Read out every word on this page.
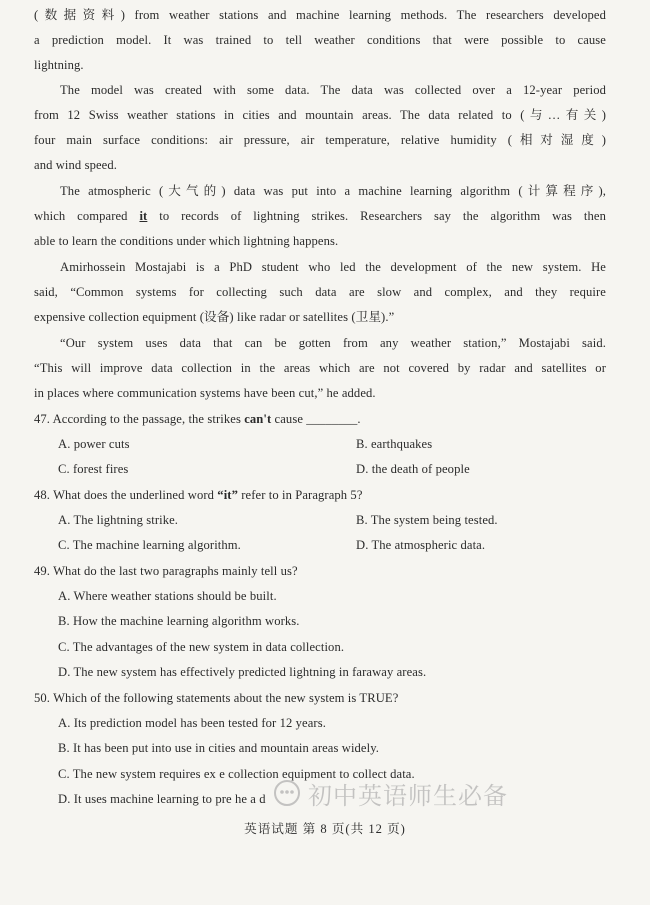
(数据资料) from weather stations and machine learning methods. The researchers developed
a prediction model. It was trained to tell weather conditions that were possible to cause
lightning.
The model was created with some data. The data was collected over a 12-year period
from 12 Swiss weather stations in cities and mountain areas. The data related to (与…有关)
four main surface conditions: air pressure, air temperature, relative humidity (相对湿度)
and wind speed.
The atmospheric (大气的) data was put into a machine learning algorithm (计算程序),
which compared it to records of lightning strikes. Researchers say the algorithm was then
able to learn the conditions under which lightning happens.
Amirhossein Mostajabi is a PhD student who led the development of the new system. He
said, “Common systems for collecting such data are slow and complex, and they require
expensive collection equipment (设备) like radar or satellites (卫星).”
“Our system uses data that can be gotten from any weather station,” Mostajabi said.
“This will improve data collection in the areas which are not covered by radar and satellites or
in places where communication systems have been cut,” he added.
47. According to the passage, the strikes can't cause ________.
A. power cuts	B. earthquakes
C. forest fires	D. the death of people
48. What does the underlined word “it” refer to in Paragraph 5?
A. The lightning strike.	B. The system being tested.
C. The machine learning algorithm.	D. The atmospheric data.
49. What do the last two paragraphs mainly tell us?
A. Where weather stations should be built.
B. How the machine learning algorithm works.
C. The advantages of the new system in data collection.
D. The new system has effectively predicted lightning in faraway areas.
50. Which of the following statements about the new system is TRUE?
A. Its prediction model has been tested for 12 years.
B. It has been put into use in cities and mountain areas widely.
C. The new system requires ex e collection equipment to collect data.
D. It uses machine learning to pre he a d 初中英语师生必备
英语试题 第 8 页(共 12 页)
